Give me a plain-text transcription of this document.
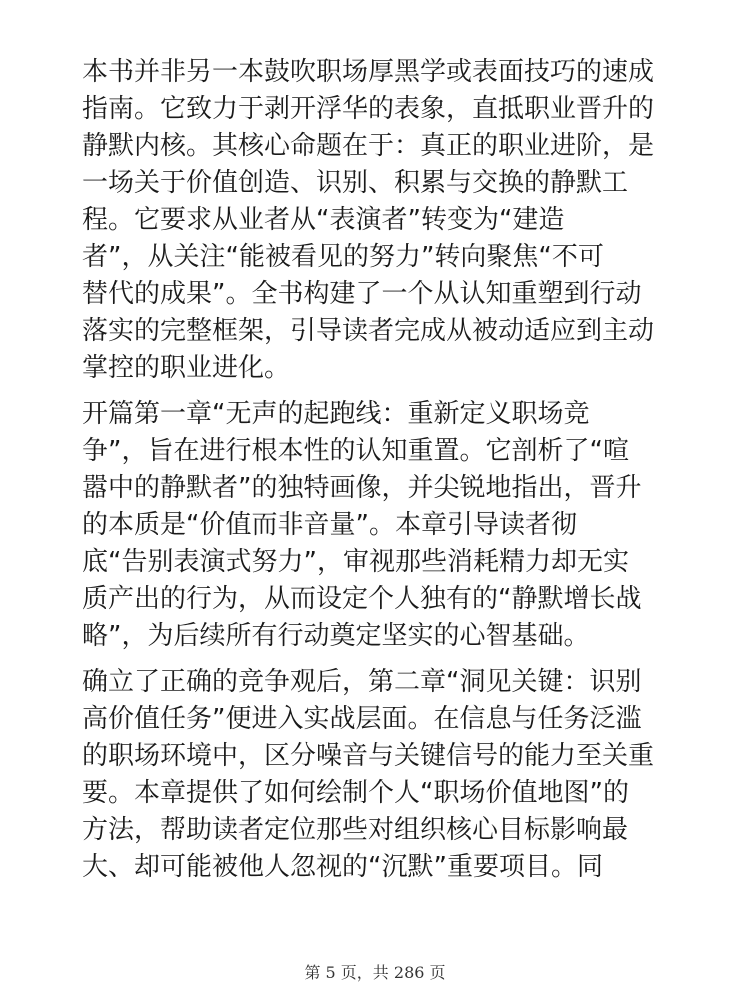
本书并非另一本鼓吹职场厚黑学或表面技巧的速成
指南。它致力于剥开浮华的表象，直抵职业晋升的
静默内核。其核心命题在于：真正的职业进阶，是
一场关于价值创造、识别、积累与交换的静默工
程。它要求从业者从“表演者”转变为“建造
者”，从关注“能被看见的努力”转向聚焦“不可
替代的成果”。全书构建了一个从认知重塑到行动
落实的完整框架，引导读者完成从被动适应到主动
掌控的职业进化。

开篇第一章“无声的起跑线：重新定义职场竞
争”，旨在进行根本性的认知重置。它剖析了“喧
嚣中的静默者”的独特画像，并尖锐地指出，晋升
的本质是“价值而非音量”。本章引导读者彻
底“告别表演式努力”，审视那些消耗精力却无实
质产出的行为，从而设定个人独有的“静默增长战
略”，为后续所有行动奠定坚实的心智基础。

确立了正确的竞争观后，第二章“洞见关键：识别
高价值任务”便进入实战层面。在信息与任务泛滥
的职场环境中，区分噪音与关键信号的能力至关重
要。本章提供了如何绘制个人“职场价值地图”的
方法，帮助读者定位那些对组织核心目标影响最
大、却可能被他人忽视的“沉默”重要项目。同

第 5 页，共 286 页
